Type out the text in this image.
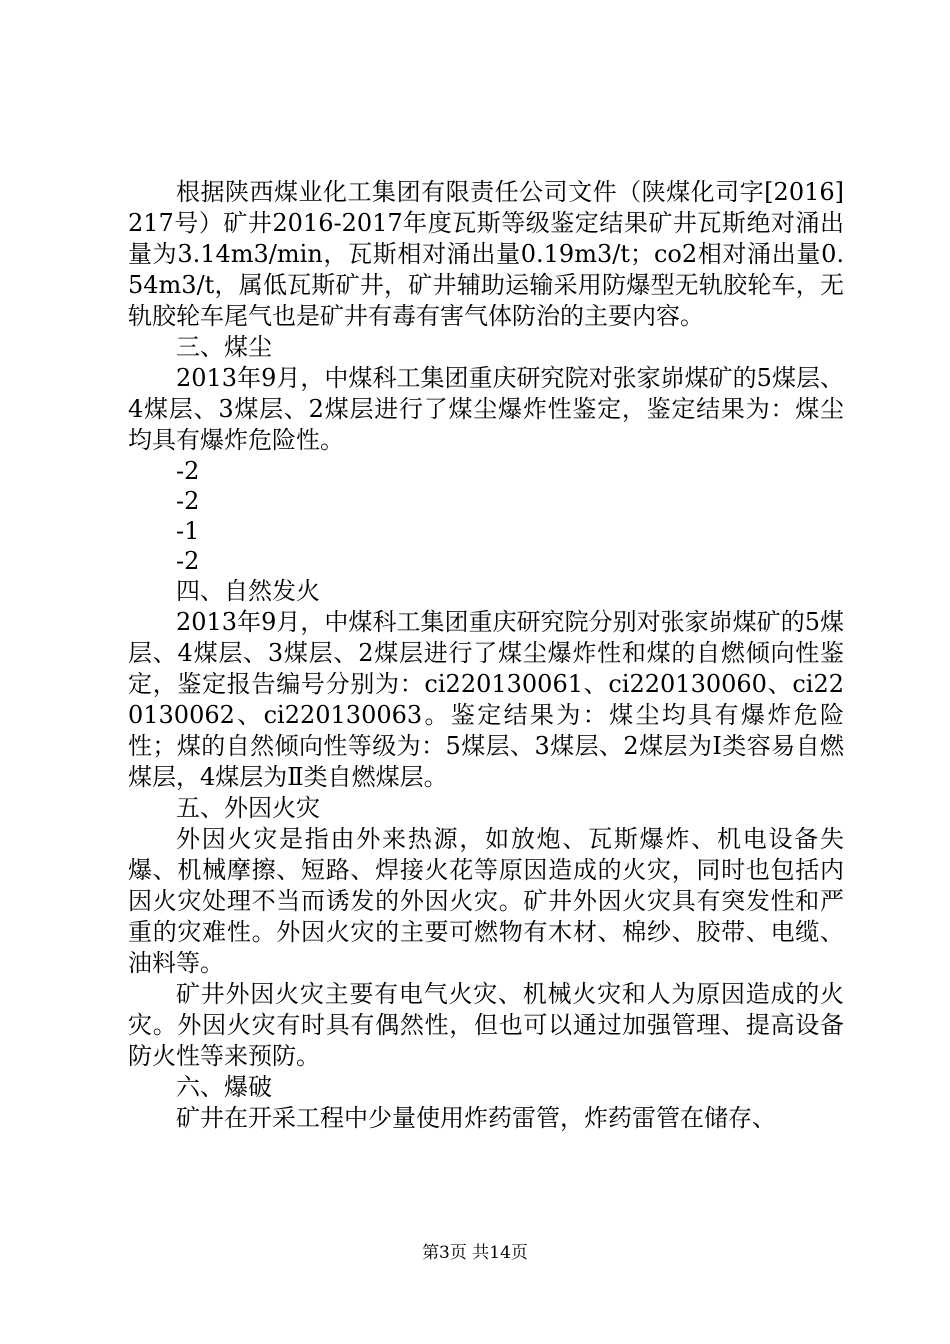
根据陕西煤业化工集团有限责任公司文件（陕煤化司字[2016]217号）矿井2016-2017年度瓦斯等级鉴定结果矿井瓦斯绝对涌出量为3.14m3/min，瓦斯相对涌出量0.19m3/t；co2相对涌出量0.54m3/t，属低瓦斯矿井，矿井辅助运输采用防爆型无轨胶轮车，无轨胶轮车尾气也是矿井有毒有害气体防治的主要内容。

三、煤尘

2013年9月，中煤科工集团重庆研究院对张家峁煤矿的5煤层、4煤层、3煤层、2煤层进行了煤尘爆炸性鉴定，鉴定结果为：煤尘均具有爆炸危险性。

-2

-2

-1

-2

四、自然发火

2013年9月，中煤科工集团重庆研究院分别对张家峁煤矿的5煤层、4煤层、3煤层、2煤层进行了煤尘爆炸性和煤的自燃倾向性鉴定，鉴定报告编号分别为：ci220130061、ci220130060、ci220130062、ci220130063。鉴定结果为：煤尘均具有爆炸危险性；煤的自然倾向性等级为：5煤层、3煤层、2煤层为Ⅰ类容易自燃煤层，4煤层为Ⅱ类自燃煤层。

五、外因火灾

外因火灾是指由外来热源，如放炮、瓦斯爆炸、机电设备失爆、机械摩擦、短路、焊接火花等原因造成的火灾，同时也包括内因火灾处理不当而诱发的外因火灾。矿井外因火灾具有突发性和严重的灾难性。外因火灾的主要可燃物有木材、棉纱、胶带、电缆、油料等。

矿井外因火灾主要有电气火灾、机械火灾和人为原因造成的火灾。外因火灾有时具有偶然性，但也可以通过加强管理、提高设备防火性等来预防。

六、爆破

矿井在开采工程中少量使用炸药雷管，炸药雷管在储存、

第3页 共14页
